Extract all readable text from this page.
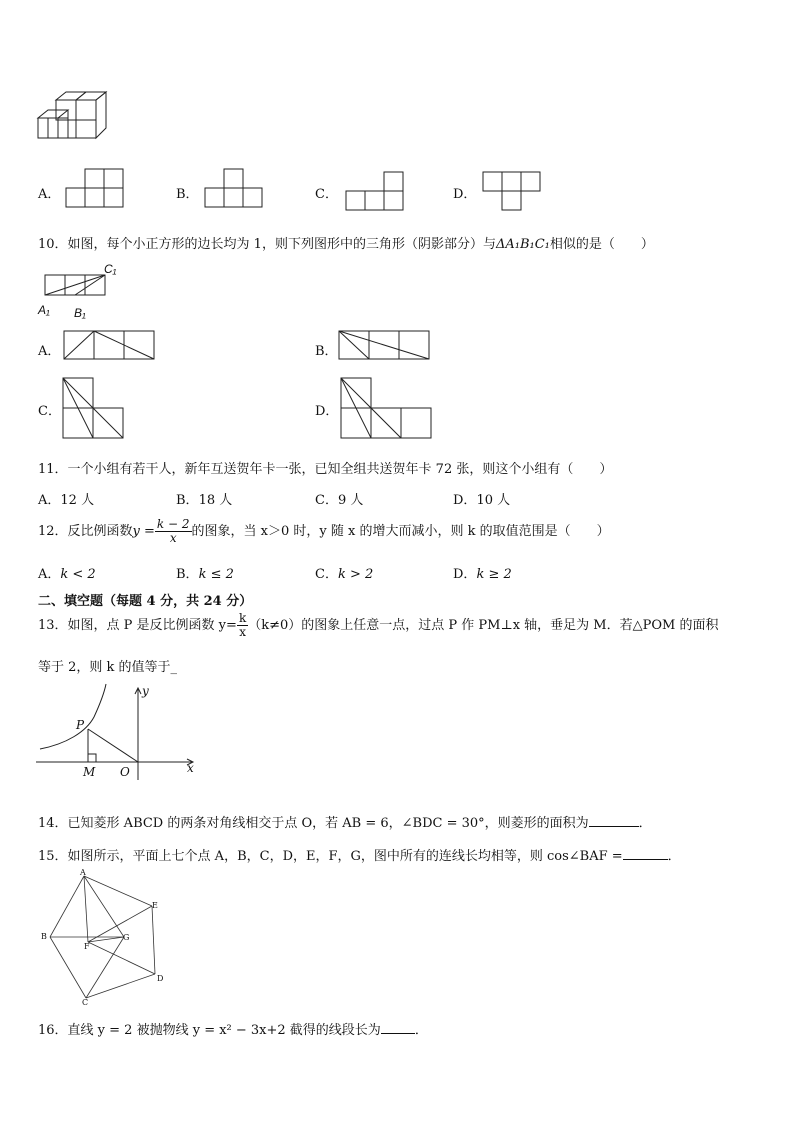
A．	B．	C．	D．
10．如图，每个小正方形的边长均为 1，则下列图形中的三角形（阴影部分）与ΔA₁B₁C₁相似的是（　　）
C₁
A₁ B₁
A．	B．
C．	D．
11．一个小组有若干人，新年互送贺年卡一张，已知全组共送贺年卡 72 张，则这个小组有（　　）
A．12 人	B．18 人	C．9 人	D．10 人
12．反比例函数$y = \frac{k - 2}{x}$ 的图象，当 x＞0 时，y 随 x 的增大而减小，则 k 的取值范围是（　　）
A．k < 2	B．k ≤ 2	C．k > 2	D．k ≥ 2
二、填空题（每题 4 分，共 24 分）
13．如图，点 P 是反比例函数 $y= \frac{k}{x} (k\ne 0)$的图象上任意一点，过点 P 作 PM⊥x 轴，垂足为 M．若△POM 的面积
等于 2，则 k 的值等于_
y
x
P
M O
14．已知菱形 ABCD 的两条对角线相交于点 O，若 AB = 6，∠BDC = 30°，则菱形的面积为	．
15．如图所示，平面上七个点 A，B，C，D，E，F，G，图中所有的连线长均相等，则 cos∠BAF =	．
A
B
C
D
E
F
G
16．直线 y = 2 被抛物线 y = x² − 3x+2 截得的线段长为	．
